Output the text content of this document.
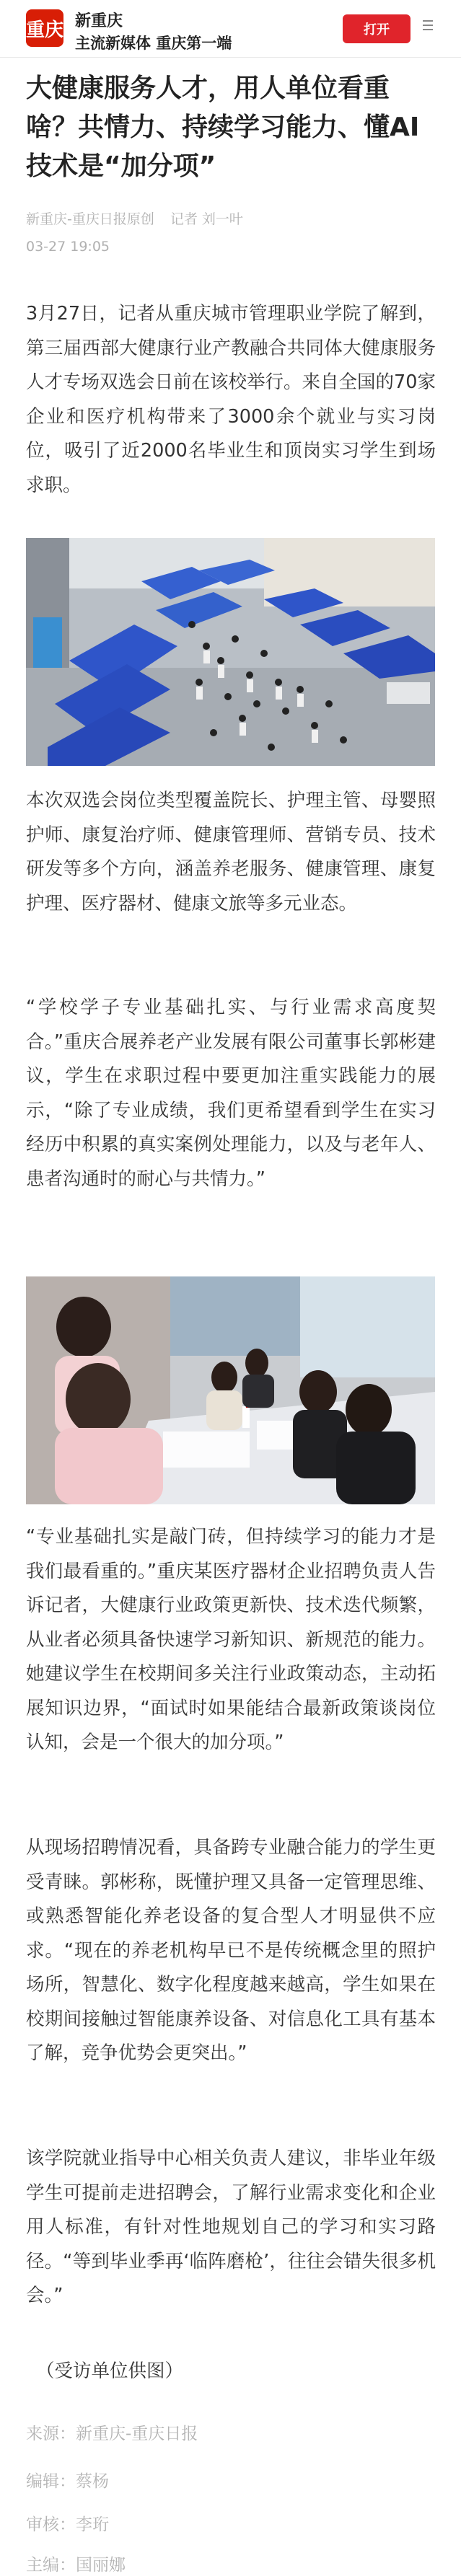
重庆 新重庆
主流新媒体 重庆第一端
打开
大健康服务人才，用人单位看重啥？共情力、持续学习能力、懂AI技术是“加分项”
新重庆-重庆日报原创 记者 刘一叶
03-27 19:05

3月27日，记者从重庆城市管理职业学院了解到，第三届西部大健康行业产教融合共同体大健康服务人才专场双选会日前在该校举行。来自全国的70家企业和医疗机构带来了3000余个就业与实习岗位，吸引了近2000名毕业生和顶岗实习学生到场求职。

本次双选会岗位类型覆盖院长、护理主管、母婴照护师、康复治疗师、健康管理师、营销专员、技术研发等多个方向，涵盖养老服务、健康管理、康复护理、医疗器材、健康文旅等多元业态。

“学校学子专业基础扎实、与行业需求高度契合。”重庆合展养老产业发展有限公司董事长郭彬建议，学生在求职过程中要更加注重实践能力的展示，“除了专业成绩，我们更希望看到学生在实习经历中积累的真实案例处理能力，以及与老年人、患者沟通时的耐心与共情力。”

“专业基础扎实是敲门砖，但持续学习的能力才是我们最看重的。”重庆某医疗器材企业招聘负责人告诉记者，大健康行业政策更新快、技术迭代频繁，从业者必须具备快速学习新知识、新规范的能力。她建议学生在校期间多关注行业政策动态，主动拓展知识边界，“面试时如果能结合最新政策谈岗位认知，会是一个很大的加分项。”

从现场招聘情况看，具备跨专业融合能力的学生更受青睐。郭彬称，既懂护理又具备一定管理思维、或熟悉智能化养老设备的复合型人才明显供不应求。“现在的养老机构早已不是传统概念里的照护场所，智慧化、数字化程度越来越高，学生如果在校期间接触过智能康养设备、对信息化工具有基本了解，竞争优势会更突出。”

该学院就业指导中心相关负责人建议，非毕业年级学生可提前走进招聘会，了解行业需求变化和企业用人标准，有针对性地规划自己的学习和实习路径。“等到毕业季再‘临阵磨枪’，往往会错失很多机会。”

（受访单位供图）
来源：新重庆-重庆日报
编辑：蔡杨
审核：李珩
主编：国丽娜
